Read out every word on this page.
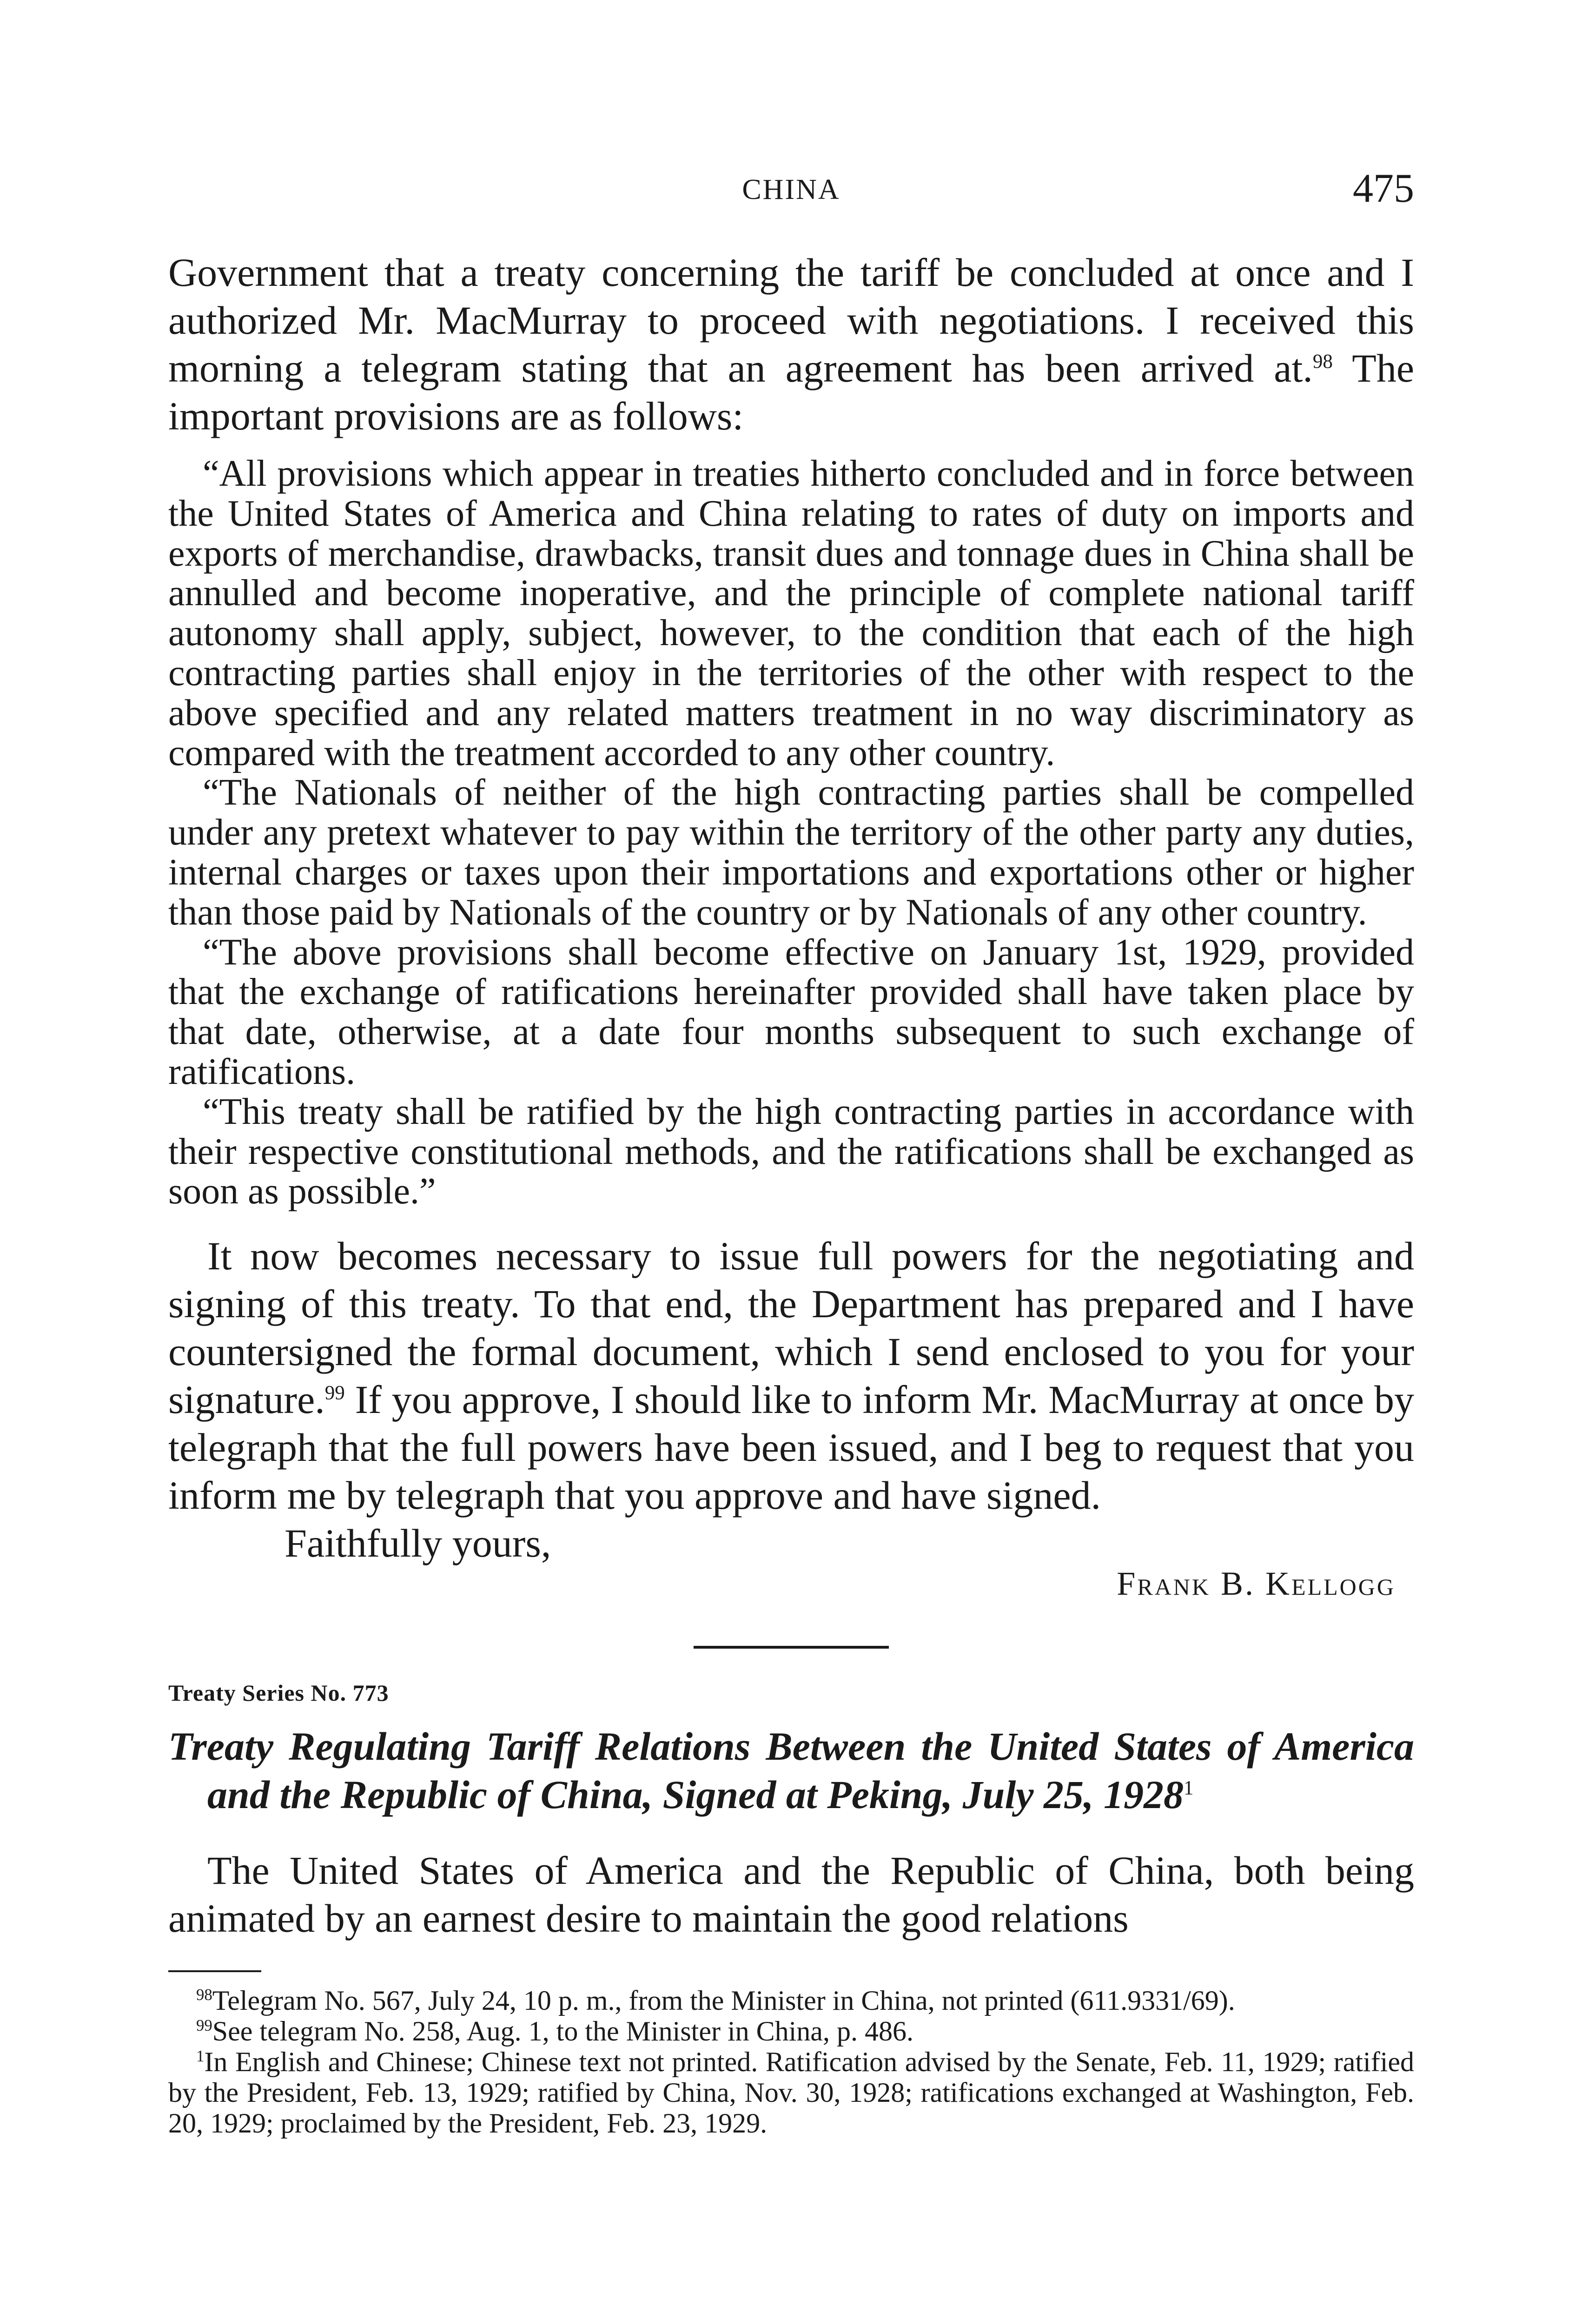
CHINA	475

Government that a treaty concerning the tariff be concluded at once and I authorized Mr. MacMurray to proceed with negotiations. I received this morning a telegram stating that an agreement has been arrived at.$^{98}$ The important provisions are as follows:

“All provisions which appear in treaties hitherto concluded and in force between the United States of America and China relating to rates of duty on imports and exports of merchandise, drawbacks, transit dues and tonnage dues in China shall be annulled and become inoperative, and the principle of complete national tariff autonomy shall apply, subject, however, to the condition that each of the high contracting parties shall enjoy in the territories of the other with respect to the above specified and any related matters treatment in no way discriminatory as compared with the treatment accorded to any other country.

“The Nationals of neither of the high contracting parties shall be compelled under any pretext whatever to pay within the territory of the other party any duties, internal charges or taxes upon their importations and exportations other or higher than those paid by Nationals of the country or by Nationals of any other country.

“The above provisions shall become effective on January 1st, 1929, provided that the exchange of ratifications hereinafter provided shall have taken place by that date, otherwise, at a date four months subsequent to such exchange of ratifications.

“This treaty shall be ratified by the high contracting parties in accordance with their respective constitutional methods, and the ratifications shall be exchanged as soon as possible.”

It now becomes necessary to issue full powers for the negotiating and signing of this treaty. To that end, the Department has prepared and I have countersigned the formal document, which I send enclosed to you for your signature.$^{99}$ If you approve, I should like to inform Mr. MacMurray at once by telegraph that the full powers have been issued, and I beg to request that you inform me by telegraph that you approve and have signed.

Faithfully yours,

Frank B. Kellogg

Treaty Series No. 773

Treaty Regulating Tariff Relations Between the United States of America and the Republic of China, Signed at Peking, July 25, 1928$^1$

The United States of America and the Republic of China, both being animated by an earnest desire to maintain the good relations

$^{98}$Telegram No. 567, July 24, 10 p. m., from the Minister in China, not printed (611.9331/69).

$^{99}$See telegram No. 258, Aug. 1, to the Minister in China, p. 486.

$^1$In English and Chinese; Chinese text not printed. Ratification advised by the Senate, Feb. 11, 1929; ratified by the President, Feb. 13, 1929; ratified by China, Nov. 30, 1928; ratifications exchanged at Washington, Feb. 20, 1929; proclaimed by the President, Feb. 23, 1929.
